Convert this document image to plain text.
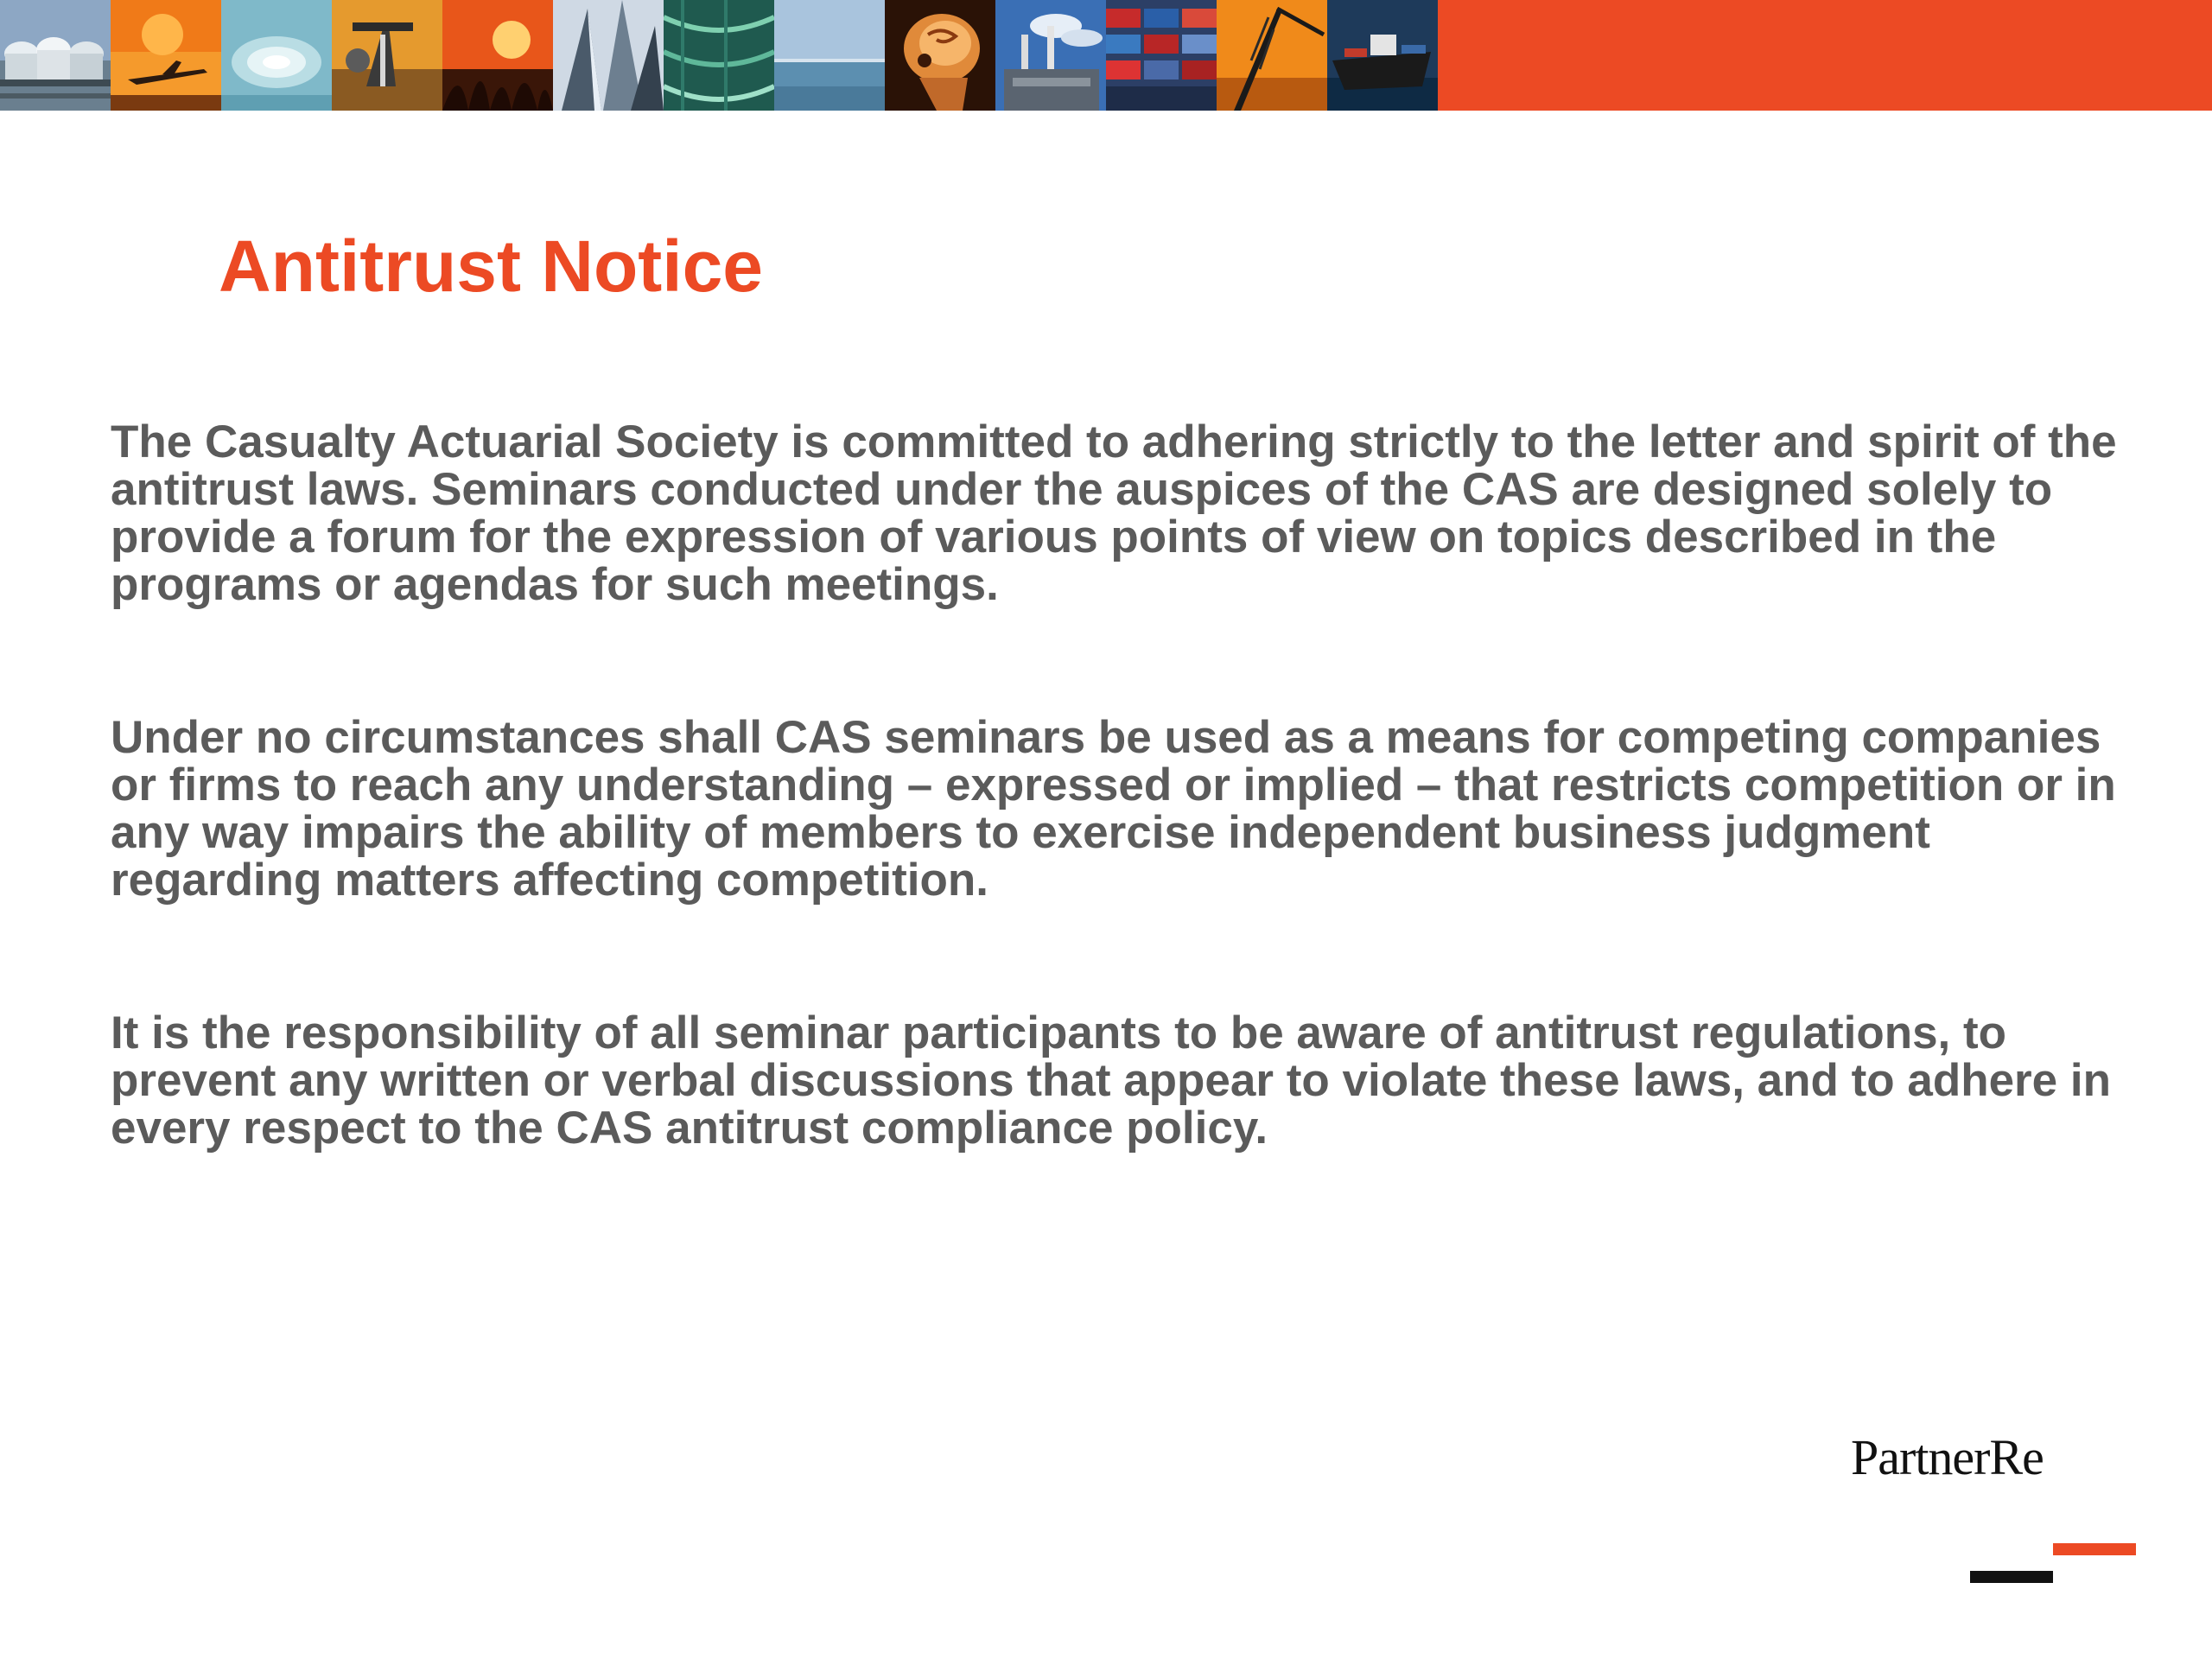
Antitrust Notice

The Casualty Actuarial Society is committed to adhering strictly to the letter and spirit of the antitrust laws. Seminars conducted under the auspices of the CAS are designed solely to provide a forum for the expression of various points of view on topics described in the programs or agendas for such meetings.

Under no circumstances shall CAS seminars be used as a means for competing companies or firms to reach any understanding – expressed or implied – that restricts competition or in any way impairs the ability of members to exercise independent business judgment regarding matters affecting competition.

It is the responsibility of all seminar participants to be aware of antitrust regulations, to prevent any written or verbal discussions that appear to violate these laws, and to adhere in every respect to the CAS antitrust compliance policy.

PartnerRe
